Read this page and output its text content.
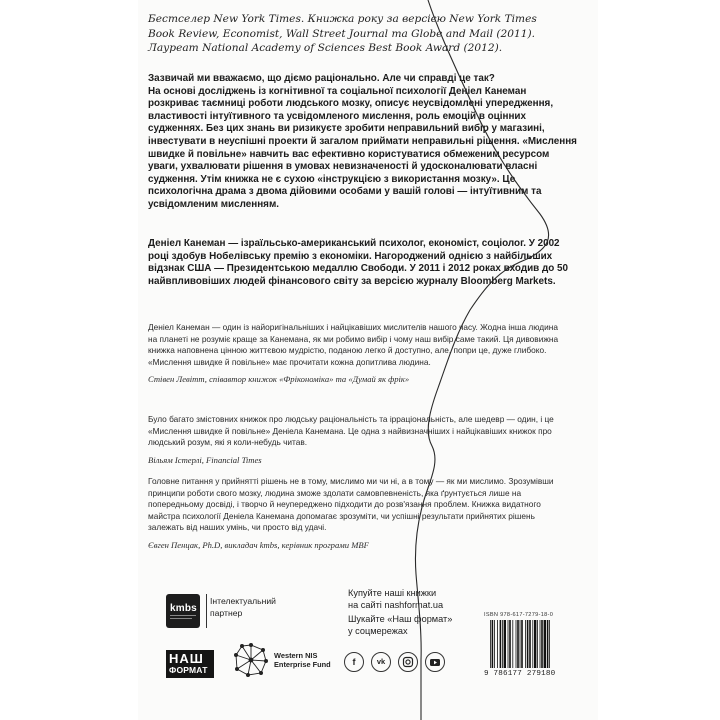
Бестселер New York Times. Книжка року за версією New York Times Book Review, Economist, Wall Street Journal та Globe and Mail (2011). Лауреат National Academy of Sciences Best Book Award (2012).

Зазвичай ми вважаємо, що діємо раціонально. Але чи справді це так?

На основі досліджень із когнітивної та соціальної психології Деніел Канеман розкриває таємниці роботи людського мозку, описує неусвідомлені упередження, властивості інтуїтивного та усвідомленого мислення, роль емоцій в оцінних судженнях. Без цих знань ви ризикуєте зробити неправильний вибір у магазині, інвестувати в неуспішні проекти й загалом приймати неправильні рішення. «Мислення швидке й повільне» навчить вас ефективно користуватися обмеженим ресурсом уваги, ухвалювати рішення в умовах невизначеності й удосконалювати власні судження. Утім книжка не є сухою «інструкцією з використання мозку». Це психологічна драма з двома дійовими особами у вашій голові — інтуїтивним та усвідомленим мисленням.

Деніел Канеман — ізраїльсько-американський психолог, економіст, соціолог. У 2002 році здобув Нобелівську премію з економіки. Нагороджений однією з найбільших відзнак США — Президентською медаллю Свободи. У 2011 і 2012 роках входив до 50 найвпливовіших людей фінансового світу за версією журналу Bloomberg Markets.
Деніел Канеман — один із найоригінальніших і найцікавіших мислителів нашого часу. Жодна інша людина на планеті не розуміє краще за Канемана, як ми робимо вибір і чому наш вибір саме такий. Ця дивовижна книжка наповнена цінною життєвою мудрістю, поданою легко й доступно, але, попри це, дуже глибоко. «Мислення швидке й повільне» має прочитати кожна допитлива людина.
Стівен Левітт, співавтор книжок «Фрікономіка» та «Думай як фрік»
Було багато змістовних книжок про людську раціональність та ірраціональність, але шедевр — один, і це «Мислення швидке й повільне» Деніела Канемана. Це одна з найвизначніших і найцікавіших книжок про людський розум, які я коли-небудь читав.
Вільям Істерлі, Financial Times
Головне питання у прийнятті рішень не в тому, мислимо ми чи ні, а в тому — як ми мислимо. Зрозумівши принципи роботи свого мозку, людина зможе здолати самовпевненість, яка ґрунтується лише на попередньому досвіді, і творчо й неупереджено підходити до розв'язання проблем. Книжка видатного майстра психології Деніела Канемана допомагає зрозуміти, чи успішні результати прийнятих рішень залежать від наших умінь, чи просто від удачі.
Євген Пенцак, Ph.D, викладач kmbs, керівник програми MBF
kmbs
Інтелектуальний
партнер
НАШ
ФОРМАТ
Western NIS
Enterprise Fund
Купуйте наші книжки
на сайті nashformat.ua
Шукайте «Наш формат»
у соцмережах
f	vk
ISBN 978-617-7279-18-0
9 786177 279180
